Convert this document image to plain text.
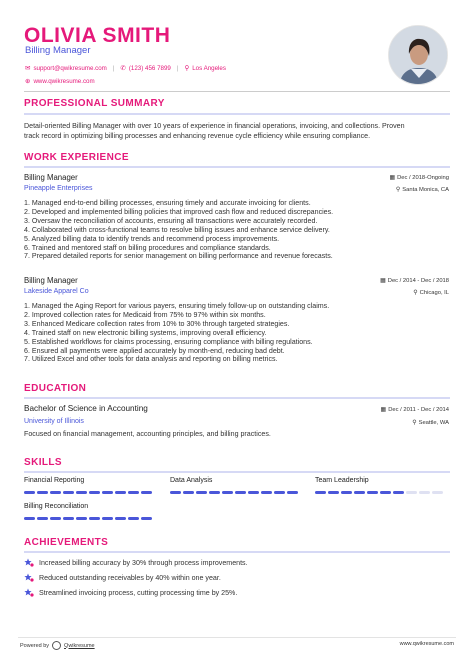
OLIVIA SMITH
Billing Manager
✉ support@qwikresume.com | ✆ (123) 456 7899 | ⚲ Los Angeles
⊕ www.qwikresume.com
PROFESSIONAL SUMMARY
Detail-oriented Billing Manager with over 10 years of experience in financial operations, invoicing, and collections. Proven
track record in optimizing billing processes and enhancing revenue cycle efficiency while ensuring compliance.
WORK EXPERIENCE
Billing Manager
Pineapple Enterprises
▦ Dec / 2018-Ongoing
⚲ Santa Monica, CA
1. Managed end-to-end billing processes, ensuring timely and accurate invoicing for clients.
2. Developed and implemented billing policies that improved cash flow and reduced discrepancies.
3. Oversaw the reconciliation of accounts, ensuring all transactions were accurately recorded.
4. Collaborated with cross-functional teams to resolve billing issues and enhance service delivery.
5. Analyzed billing data to identify trends and recommend process improvements.
6. Trained and mentored staff on billing procedures and compliance standards.
7. Prepared detailed reports for senior management on billing performance and revenue forecasts.
Billing Manager
Lakeside Apparel Co
▦ Dec / 2014 - Dec / 2018
⚲ Chicago, IL
1. Managed the Aging Report for various payers, ensuring timely follow-up on outstanding claims.
2. Improved collection rates for Medicaid from 75% to 97% within six months.
3. Enhanced Medicare collection rates from 10% to 30% through targeted strategies.
4. Trained staff on new electronic billing systems, improving overall efficiency.
5. Established workflows for claims processing, ensuring compliance with billing regulations.
6. Ensured all payments were applied accurately by month-end, reducing bad debt.
7. Utilized Excel and other tools for data analysis and reporting on billing metrics.
EDUCATION
Bachelor of Science in Accounting
University of Illinois
▦ Dec / 2011 - Dec / 2014
⚲ Seattle, WA
Focused on financial management, accounting principles, and billing practices.
SKILLS
Financial Reporting	Data Analysis	Team Leadership
Billing Reconciliation
ACHIEVEMENTS
Increased billing accuracy by 30% through process improvements.
Reduced outstanding receivables by 40% within one year.
Streamlined invoicing process, cutting processing time by 25%.
Powered by	Qwikresume	www.qwikresume.com
